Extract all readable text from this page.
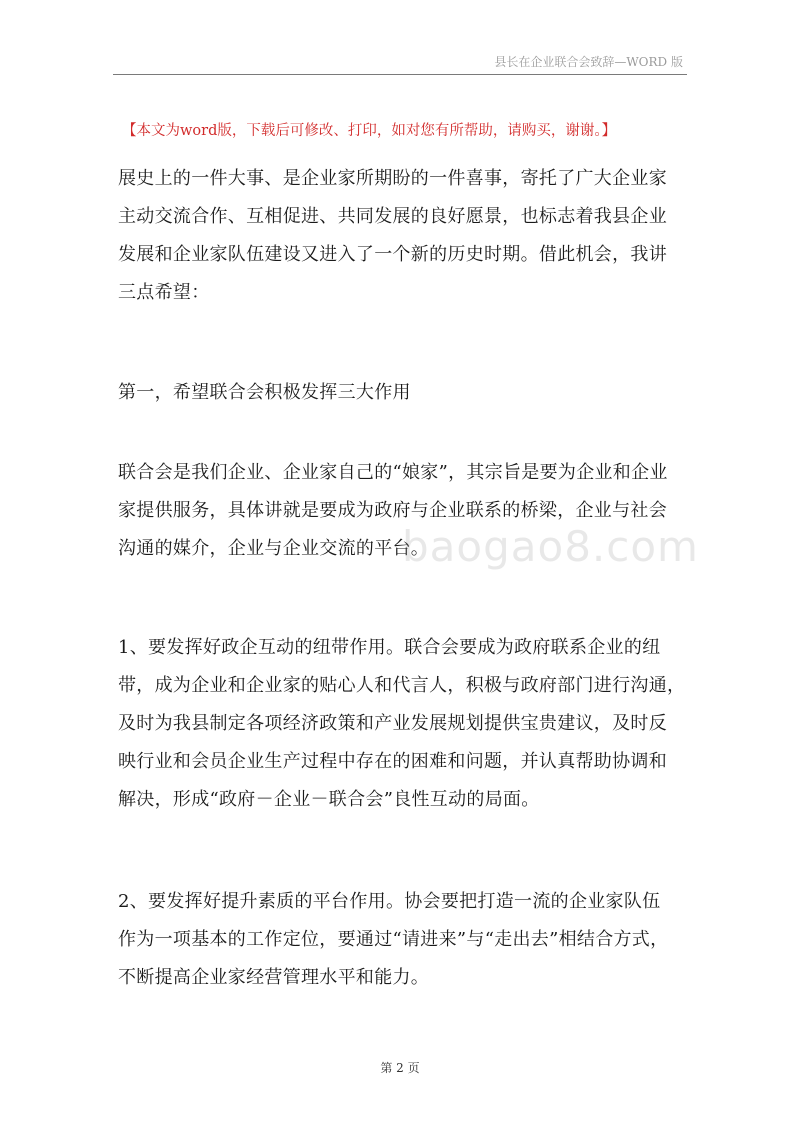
县长在企业联合会致辞—WORD 版
【本文为word版，下载后可修改、打印，如对您有所帮助，请购买，谢谢。】
展史上的一件大事、是企业家所期盼的一件喜事，寄托了广大企业家
主动交流合作、互相促进、共同发展的良好愿景，也标志着我县企业
发展和企业家队伍建设又进入了一个新的历史时期。借此机会，我讲
三点希望：
第一，希望联合会积极发挥三大作用
联合会是我们企业、企业家自己的“娘家”，其宗旨是要为企业和企业
家提供服务，具体讲就是要成为政府与企业联系的桥梁，企业与社会
沟通的媒介，企业与企业交流的平台。
baogao8.com
1、要发挥好政企互动的纽带作用。联合会要成为政府联系企业的纽
带，成为企业和企业家的贴心人和代言人，积极与政府部门进行沟通，
及时为我县制定各项经济政策和产业发展规划提供宝贵建议，及时反
映行业和会员企业生产过程中存在的困难和问题，并认真帮助协调和
解决，形成“政府－企业－联合会”良性互动的局面。
2、要发挥好提升素质的平台作用。协会要把打造一流的企业家队伍
作为一项基本的工作定位，要通过“请进来”与“走出去”相结合方式，
不断提高企业家经营管理水平和能力。
第 2 页
